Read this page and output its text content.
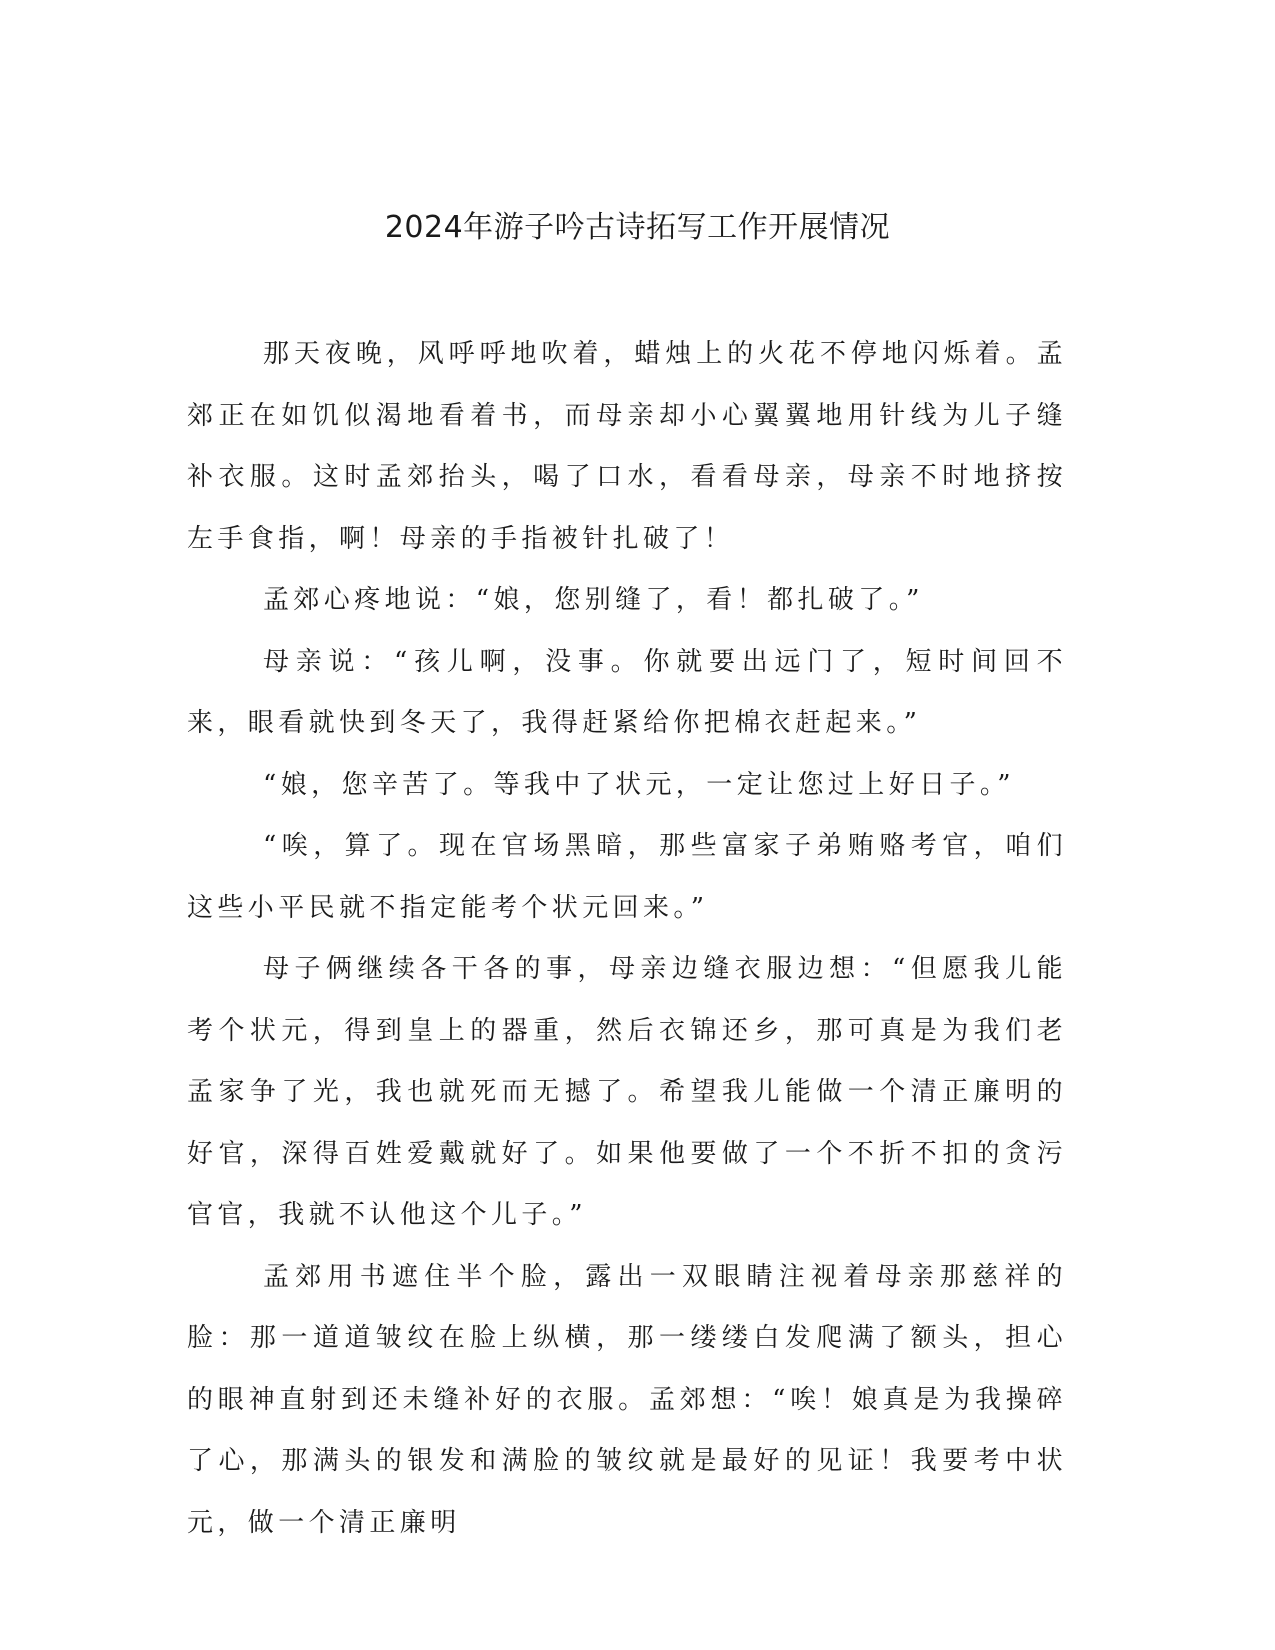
2024年游子吟古诗拓写工作开展情况

那天夜晚，风呼呼地吹着，蜡烛上的火花不停地闪烁着。孟郊正在如饥似渴地看着书，而母亲却小心翼翼地用针线为儿子缝补衣服。这时孟郊抬头，喝了口水，看看母亲，母亲不时地挤按左手食指，啊！母亲的手指被针扎破了！

孟郊心疼地说：“娘，您别缝了，看！都扎破了。”

母亲说：“孩儿啊，没事。你就要出远门了，短时间回不来，眼看就快到冬天了，我得赶紧给你把棉衣赶起来。”

“娘，您辛苦了。等我中了状元，一定让您过上好日子。”

“唉，算了。现在官场黑暗，那些富家子弟贿赂考官，咱们这些小平民就不指定能考个状元回来。”

母子俩继续各干各的事，母亲边缝衣服边想：“但愿我儿能考个状元，得到皇上的器重，然后衣锦还乡，那可真是为我们老孟家争了光，我也就死而无撼了。希望我儿能做一个清正廉明的好官，深得百姓爱戴就好了。如果他要做了一个不折不扣的贪污官官，我就不认他这个儿子。”

孟郊用书遮住半个脸，露出一双眼睛注视着母亲那慈祥的脸：那一道道皱纹在脸上纵横，那一缕缕白发爬满了额头，担心的眼神直射到还未缝补好的衣服。孟郊想：“唉！娘真是为我操碎了心，那满头的银发和满脸的皱纹就是最好的见证！我要考中状元，做一个清正廉明
